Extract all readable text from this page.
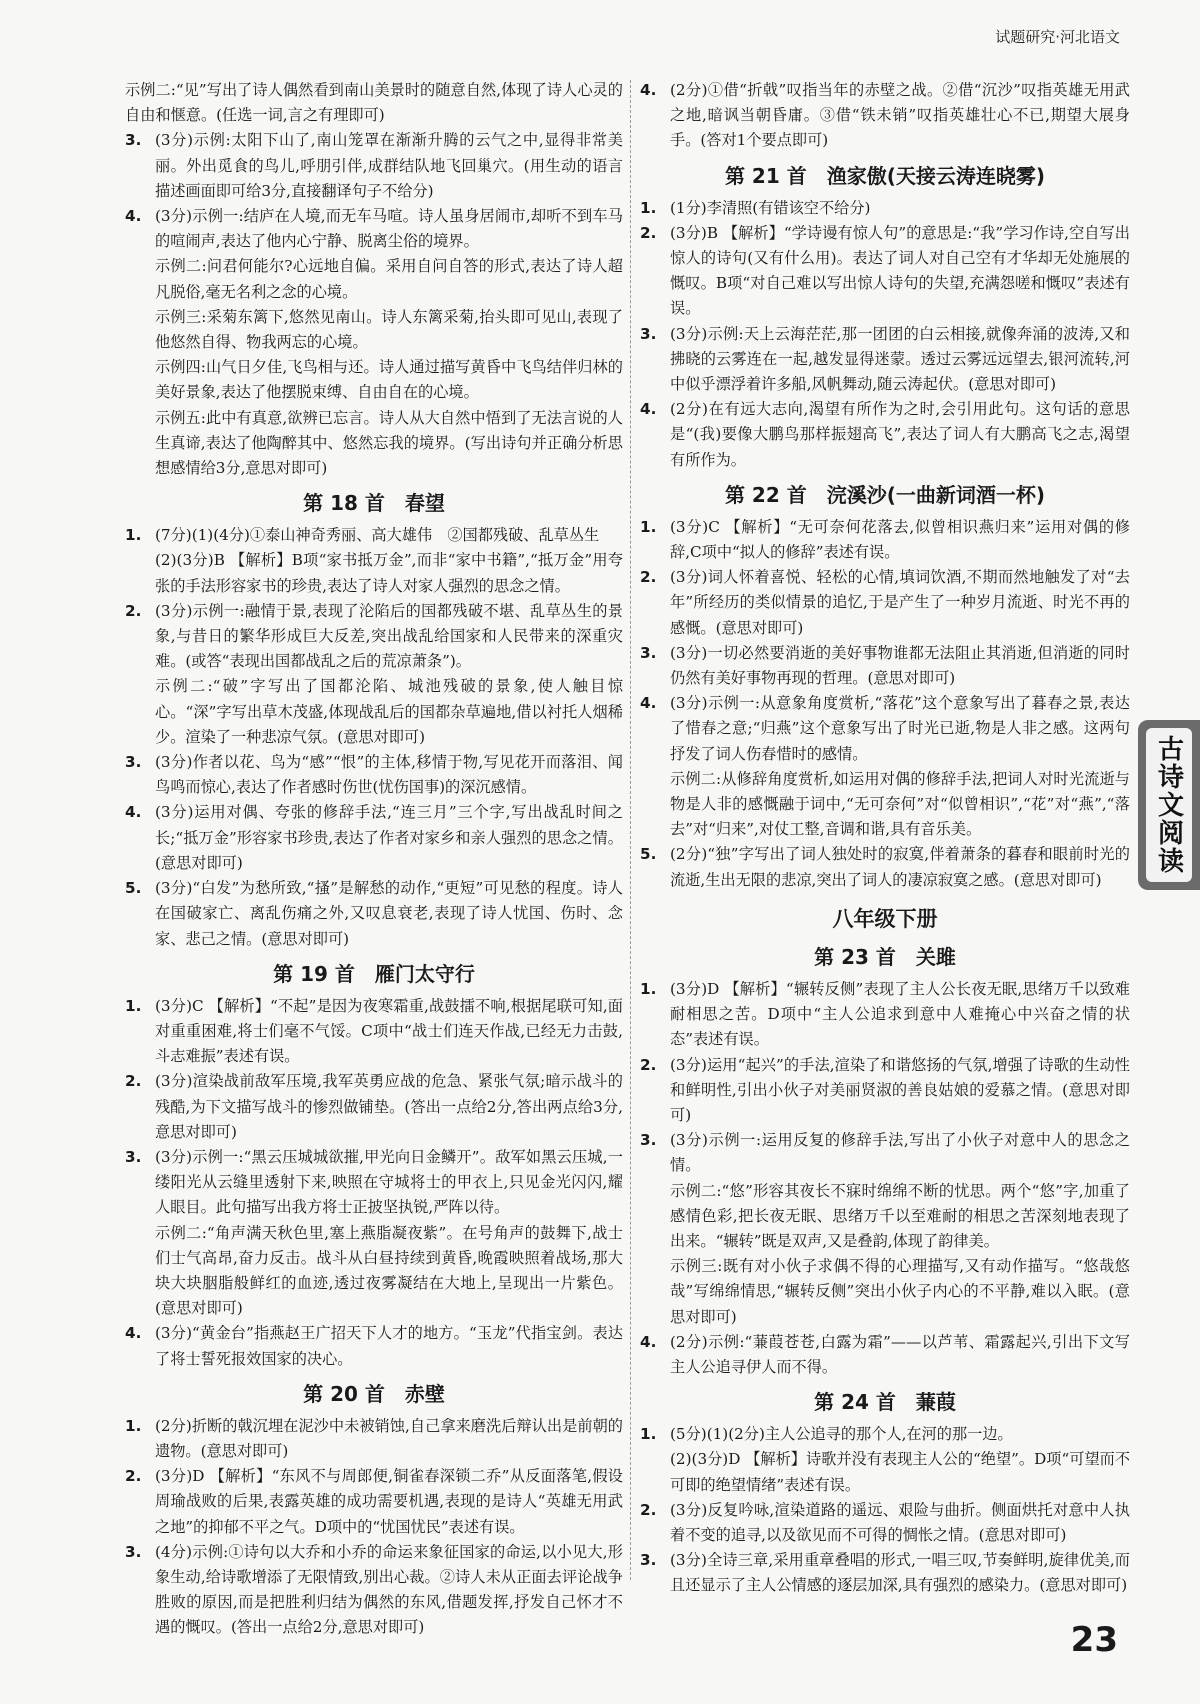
试题研究·河北语文

示例二:“见”写出了诗人偶然看到南山美景时的随意自然,体现了诗人心灵的自由和惬意。(任选一词,言之有理即可)

3. (3分)示例:太阳下山了,南山笼罩在渐渐升腾的云气之中,显得非常美丽。外出觅食的鸟儿,呼朋引伴,成群结队地飞回巢穴。(用生动的语言描述画面即可给3分,直接翻译句子不给分)
4. (3分)示例一:结庐在人境,而无车马喧。诗人虽身居闹市,却听不到车马的喧闹声,表达了他内心宁静、脱离尘俗的境界。

示例二:问君何能尔?心远地自偏。采用自问自答的形式,表达了诗人超凡脱俗,毫无名利之念的心境。

示例三:采菊东篱下,悠然见南山。诗人东篱采菊,抬头即可见山,表现了他悠然自得、物我两忘的心境。

示例四:山气日夕佳,飞鸟相与还。诗人通过描写黄昏中飞鸟结伴归林的美好景象,表达了他摆脱束缚、自由自在的心境。

示例五:此中有真意,欲辨已忘言。诗人从大自然中悟到了无法言说的人生真谛,表达了他陶醉其中、悠然忘我的境界。(写出诗句并正确分析思想感情给3分,意思对即可)

第 18 首　春望
1. (7分)(1)(4分)①泰山神奇秀丽、高大雄伟　②国都残破、乱草丛生

(2)(3分)B 【解析】B项“家书抵万金”,而非“家中书籍”,“抵万金”用夸张的手法形容家书的珍贵,表达了诗人对家人强烈的思念之情。

2. (3分)示例一:融情于景,表现了沦陷后的国都残破不堪、乱草丛生的景象,与昔日的繁华形成巨大反差,突出战乱给国家和人民带来的深重灾难。(或答“表现出国都战乱之后的荒凉萧条”)。

示例二:“破”字写出了国都沦陷、城池残破的景象,使人触目惊心。“深”字写出草木茂盛,体现战乱后的国都杂草遍地,借以衬托人烟稀少。渲染了一种悲凉气氛。(意思对即可)

3. (3分)作者以花、鸟为“感”“恨”的主体,移情于物,写见花开而落泪、闻鸟鸣而惊心,表达了作者感时伤世(忧伤国事)的深沉感情。
4. (3分)运用对偶、夸张的修辞手法,“连三月”三个字,写出战乱时间之长;“抵万金”形容家书珍贵,表达了作者对家乡和亲人强烈的思念之情。(意思对即可)
5. (3分)“白发”为愁所致,“搔”是解愁的动作,“更短”可见愁的程度。诗人在国破家亡、离乱伤痛之外,又叹息衰老,表现了诗人忧国、伤时、念家、悲己之情。(意思对即可)
第 19 首　雁门太守行
1. (3分)C 【解析】“不起”是因为夜寒霜重,战鼓擂不响,根据尾联可知,面对重重困难,将士们毫不气馁。C项中“战士们连天作战,已经无力击鼓,斗志难振”表述有误。
2. (3分)渲染战前敌军压境,我军英勇应战的危急、紧张气氛;暗示战斗的残酷,为下文描写战斗的惨烈做铺垫。(答出一点给2分,答出两点给3分,意思对即可)
3. (3分)示例一:“黑云压城城欲摧,甲光向日金鳞开”。敌军如黑云压城,一缕阳光从云缝里透射下来,映照在守城将士的甲衣上,只见金光闪闪,耀人眼目。此句描写出我方将士正披坚执锐,严阵以待。

示例二:“角声满天秋色里,塞上燕脂凝夜紫”。在号角声的鼓舞下,战士们士气高昂,奋力反击。战斗从白昼持续到黄昏,晚霞映照着战场,那大块大块胭脂般鲜红的血迹,透过夜雾凝结在大地上,呈现出一片紫色。(意思对即可)

4. (3分)“黄金台”指燕赵王广招天下人才的地方。“玉龙”代指宝剑。表达了将士誓死报效国家的决心。
第 20 首　赤壁
1. (2分)折断的戟沉埋在泥沙中未被销蚀,自己拿来磨洗后辩认出是前朝的遗物。(意思对即可)
2. (3分)D 【解析】“东风不与周郎便,铜雀春深锁二乔”从反面落笔,假设周瑜战败的后果,表露英雄的成功需要机遇,表现的是诗人“英雄无用武之地”的抑郁不平之气。D项中的“忧国忧民”表述有误。
3. (4分)示例:①诗句以大乔和小乔的命运来象征国家的命运,以小见大,形象生动,给诗歌增添了无限情致,别出心裁。②诗人未从正面去评论战争胜败的原因,而是把胜利归结为偶然的东风,借题发挥,抒发自己怀才不遇的慨叹。(答出一点给2分,意思对即可)
4. (2分)①借“折戟”叹指当年的赤壁之战。②借“沉沙”叹指英雄无用武之地,暗讽当朝昏庸。③借“铁未销”叹指英雄壮心不已,期望大展身手。(答对1个要点即可)
第 21 首　渔家傲(天接云涛连晓雾)
1. (1分)李清照(有错该空不给分)
2. (3分)B 【解析】“学诗谩有惊人句”的意思是:“我”学习作诗,空自写出惊人的诗句(又有什么用)。表达了词人对自己空有才华却无处施展的慨叹。B项“对自己难以写出惊人诗句的失望,充满怨嗟和慨叹”表述有误。
3. (3分)示例:天上云海茫茫,那一团团的白云相接,就像奔涌的波涛,又和拂晓的云雾连在一起,越发显得迷蒙。透过云雾远远望去,银河流转,河中似乎漂浮着许多船,风帆舞动,随云涛起伏。(意思对即可)
4. (2分)在有远大志向,渴望有所作为之时,会引用此句。这句话的意思是“(我)要像大鹏鸟那样振翅高飞”,表达了词人有大鹏高飞之志,渴望有所作为。
第 22 首　浣溪沙(一曲新词酒一杯)
1. (3分)C 【解析】“无可奈何花落去,似曾相识燕归来”运用对偶的修辞,C项中“拟人的修辞”表述有误。
2. (3分)词人怀着喜悦、轻松的心情,填词饮酒,不期而然地触发了对“去年”所经历的类似情景的追忆,于是产生了一种岁月流逝、时光不再的感慨。(意思对即可)
3. (3分)一切必然要消逝的美好事物谁都无法阻止其消逝,但消逝的同时仍然有美好事物再现的哲理。(意思对即可)
4. (3分)示例一:从意象角度赏析,“落花”这个意象写出了暮春之景,表达了惜春之意;“归燕”这个意象写出了时光已逝,物是人非之感。这两句抒发了词人伤春惜时的感情。

示例二:从修辞角度赏析,如运用对偶的修辞手法,把词人对时光流逝与物是人非的感慨融于词中,“无可奈何”对“似曾相识”,“花”对“燕”,“落去”对“归来”,对仗工整,音调和谐,具有音乐美。

5. (2分)“独”字写出了词人独处时的寂寞,伴着萧条的暮春和眼前时光的流逝,生出无限的悲凉,突出了词人的凄凉寂寞之感。(意思对即可)
八年级下册
第 23 首　关雎
1. (3分)D 【解析】“辗转反侧”表现了主人公长夜无眠,思绪万千以致难耐相思之苦。D项中“主人公追求到意中人难掩心中兴奋之情的状态”表述有误。
2. (3分)运用“起兴”的手法,渲染了和谐悠扬的气氛,增强了诗歌的生动性和鲜明性,引出小伙子对美丽贤淑的善良姑娘的爱慕之情。(意思对即可)
3. (3分)示例一:运用反复的修辞手法,写出了小伙子对意中人的思念之情。

示例二:“悠”形容其夜长不寐时绵绵不断的忧思。两个“悠”字,加重了感情色彩,把长夜无眠、思绪万千以至难耐的相思之苦深刻地表现了出来。“辗转”既是双声,又是叠韵,体现了韵律美。

示例三:既有对小伙子求偶不得的心理描写,又有动作描写。“悠哉悠哉”写绵绵情思,“辗转反侧”突出小伙子内心的不平静,难以入眠。(意思对即可)

4. (2分)示例:“蒹葭苍苍,白露为霜”——以芦苇、霜露起兴,引出下文写主人公追寻伊人而不得。
第 24 首　蒹葭
1. (5分)(1)(2分)主人公追寻的那个人,在河的那一边。

(2)(3分)D 【解析】诗歌并没有表现主人公的“绝望”。D项“可望而不可即的绝望情绪”表述有误。

2. (3分)反复吟咏,渲染道路的遥远、艰险与曲折。侧面烘托对意中人执着不变的追寻,以及欲见而不可得的惆怅之情。(意思对即可)
3. (3分)全诗三章,采用重章叠唱的形式,一唱三叹,节奏鲜明,旋律优美,而且还显示了主人公情感的逐层加深,具有强烈的感染力。(意思对即可)
古诗文阅读
23
